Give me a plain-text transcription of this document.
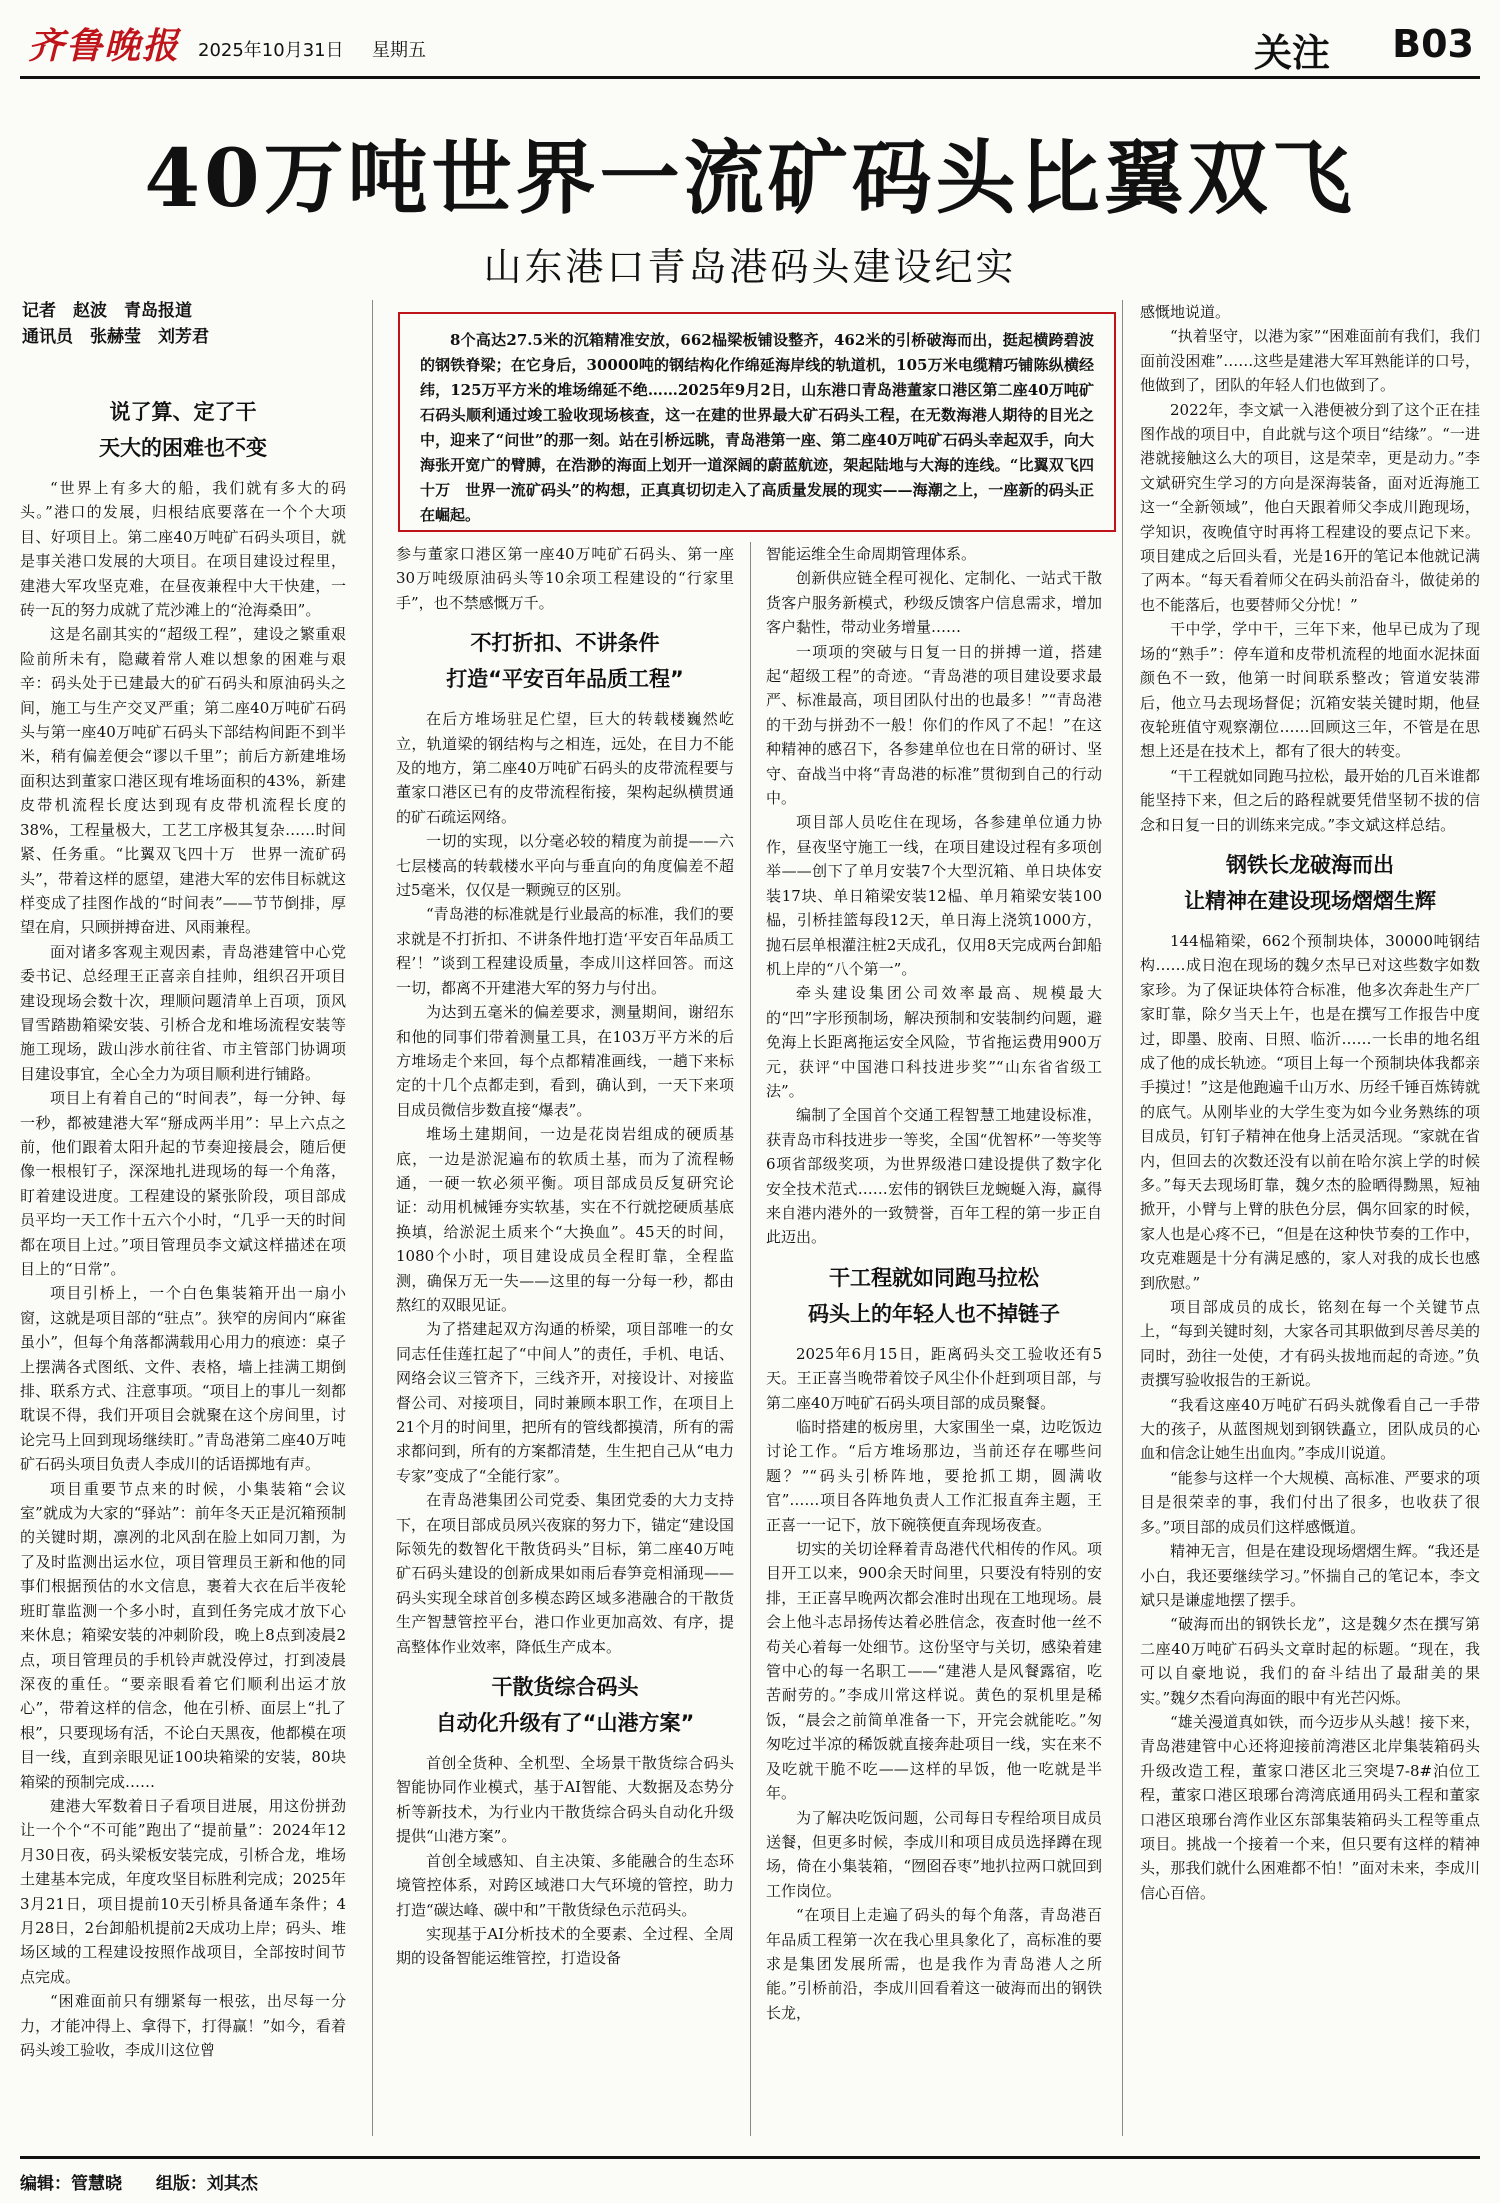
齐鲁晚报 2025年10月31日 星期五	关注 B03
40万吨世界一流矿码头比翼双飞
山东港口青岛港码头建设纪实
记者　赵波　青岛报道
通讯员　张赫莹　刘芳君	8个高达27.5米的沉箱精准安放，662榀梁板铺设整齐，462米的引桥破海而出，挺起横跨碧波的钢铁脊梁；在它身后，30000吨的钢结构化作绵延海岸线的轨道机，105万米电缆精巧铺陈纵横经纬，125万平方米的堆场绵延不绝……2025年9月2日，山东港口青岛港董家口港区第二座40万吨矿石码头顺利通过竣工验收现场核查，这一在建的世界最大矿石码头工程，在无数海港人期待的目光之中，迎来了“问世”的那一刻。站在引桥远眺，青岛港第一座、第二座40万吨矿石码头幸起双手，向大海张开宽广的臂膊，在浩渺的海面上划开一道深阔的蔚蓝航迹，架起陆地与大海的连线。“比翼双飞四十万　世界一流矿码头”的构想，正真真切切走入了高质量发展的现实——海潮之上，一座新的码头正在崛起。

说了算、定了干
天大的困难也不变

“世界上有多大的船，我们就有多大的码头。”港口的发展，归根结底要落在一个个大项目、好项目上。第二座40万吨矿石码头项目，就是事关港口发展的大项目。在项目建设过程里，建港大军攻坚克难，在昼夜兼程中大干快建，一砖一瓦的努力成就了荒沙滩上的“沧海桑田”。

这是名副其实的“超级工程”，建设之繁重艰险前所未有，隐藏着常人难以想象的困难与艰辛：码头处于已建最大的矿石码头和原油码头之间，施工与生产交叉严重；第二座40万吨矿石码头与第一座40万吨矿石码头下部结构间距不到半米，稍有偏差便会“谬以千里”；前后方新建堆场面积达到董家口港区现有堆场面积的43%，新建皮带机流程长度达到现有皮带机流程长度的38%，工程量极大，工艺工序极其复杂……时间紧、任务重。“比翼双飞四十万　世界一流矿码头”，带着这样的愿望，建港大军的宏伟目标就这样变成了挂图作战的“时间表”——节节倒排，厚望在肩，只顾拼搏奋进、风雨兼程。

面对诸多客观主观因素，青岛港建管中心党委书记、总经理王正喜亲自挂帅，组织召开项目建设现场会数十次，理顺问题清单上百项，顶风冒雪踏勘箱梁安装、引桥合龙和堆场流程安装等施工现场，跋山涉水前往省、市主管部门协调项目建设事宜，全心全力为项目顺利进行铺路。

项目上有着自己的“时间表”，每一分钟、每一秒，都被建港大军“掰成两半用”：早上六点之前，他们跟着太阳升起的节奏迎接晨会，随后便像一根根钉子，深深地扎进现场的每一个角落，盯着建设进度。工程建设的紧张阶段，项目部成员平均一天工作十五六个小时，“几乎一天的时间都在项目上过。”项目管理员李文斌这样描述在项目上的“日常”。

项目引桥上，一个白色集装箱开出一扇小窗，这就是项目部的“驻点”。狭窄的房间内“麻雀虽小”，但每个角落都满载用心用力的痕迹：桌子上摆满各式图纸、文件、表格，墙上挂满工期倒排、联系方式、注意事项。“项目上的事儿一刻都耽误不得，我们开项目会就聚在这个房间里，讨论完马上回到现场继续盯。”青岛港第二座40万吨矿石码头项目负责人李成川的话语掷地有声。

项目重要节点来的时候，小集装箱“会议室”就成为大家的“驿站”：前年冬天正是沉箱预制的关键时期，凛冽的北风刮在脸上如同刀割，为了及时监测出运水位，项目管理员王新和他的同事们根据预估的水文信息，裹着大衣在后半夜轮班盯靠监测一个多小时，直到任务完成才放下心来休息；箱梁安装的冲刺阶段，晚上8点到凌晨2点，项目管理员的手机铃声就没停过，打到凌晨深夜的重任。“要亲眼看着它们顺利出运才放心”，带着这样的信念，他在引桥、面层上“扎了根”，只要现场有活，不论白天黑夜，他都模在项目一线，直到亲眼见证100块箱梁的安装，80块箱梁的预制完成……

建港大军数着日子看项目进展，用这份拼劲让一个个“不可能”跑出了“提前量”：2024年12月30日夜，码头梁板安装完成，引桥合龙，堆场土建基本完成，年度攻坚目标胜利完成；2025年3月21日，项目提前10天引桥具备通车条件；4月28日，2台卸船机提前2天成功上岸；码头、堆场区域的工程建设按照作战项目，全部按时间节点完成。

“困难面前只有绷紧每一根弦，出尽每一分力，才能冲得上、拿得下，打得赢！”如今，看着码头竣工验收，李成川这位曾

参与董家口港区第一座40万吨矿石码头、第一座30万吨级原油码头等10余项工程建设的“行家里手”，也不禁感慨万千。

不打折扣、不讲条件
打造“平安百年品质工程”

在后方堆场驻足伫望，巨大的转载楼巍然屹立，轨道梁的钢结构与之相连，远处，在目力不能及的地方，第二座40万吨矿石码头的皮带流程要与董家口港区已有的皮带流程衔接，架构起纵横贯通的矿石疏运网络。

一切的实现，以分毫必较的精度为前提——六七层楼高的转载楼水平向与垂直向的角度偏差不超过5毫米，仅仅是一颗豌豆的区别。

“青岛港的标准就是行业最高的标准，我们的要求就是不打折扣、不讲条件地打造‘平安百年品质工程’！”谈到工程建设质量，李成川这样回答。而这一切，都离不开建港大军的努力与付出。

为达到五毫米的偏差要求，测量期间，谢绍东和他的同事们带着测量工具，在103万平方米的后方堆场走个来回，每个点都精准画线，一趟下来标定的十几个点都走到，看到，确认到，一天下来项目成员微信步数直接“爆表”。

堆场土建期间，一边是花岗岩组成的硬质基底，一边是淤泥遍布的软质土基，而为了流程畅通，一硬一软必须平衡。项目部成员反复研究论证：动用机械锤夯实软基，实在不行就挖硬质基底换填，给淤泥土质来个“大换血”。45天的时间，1080个小时，项目建设成员全程盯靠，全程监测，确保万无一失——这里的每一分每一秒，都由熬红的双眼见证。

为了搭建起双方沟通的桥梁，项目部唯一的女同志任佳莲扛起了“中间人”的责任，手机、电话、网络会议三管齐下，三线齐开，对接设计、对接监督公司、对接项目，同时兼顾本职工作，在项目上21个月的时间里，把所有的管线都摸清，所有的需求都问到，所有的方案都清楚，生生把自己从“电力专家”变成了“全能行家”。

在青岛港集团公司党委、集团党委的大力支持下，在项目部成员夙兴夜寐的努力下，锚定“建设国际领先的数智化干散货码头”目标，第二座40万吨矿石码头建设的创新成果如雨后春笋竞相涌现——码头实现全球首创多模态跨区域多港融合的干散货生产智慧管控平台，港口作业更加高效、有序，提高整体作业效率，降低生产成本。

干散货综合码头
自动化升级有了“山港方案”

首创全货种、全机型、全场景干散货综合码头智能协同作业模式，基于AI智能、大数据及态势分析等新技术，为行业内干散货综合码头自动化升级提供“山港方案”。

首创全域感知、自主决策、多能融合的生态环境管控体系，对跨区域港口大气环境的管控，助力打造“碳达峰、碳中和”干散货绿色示范码头。

实现基于AI分析技术的全要素、全过程、全周期的设备智能运维管控，打造设备

智能运维全生命周期管理体系。

创新供应链全程可视化、定制化、一站式干散货客户服务新模式，秒级反馈客户信息需求，增加客户黏性，带动业务增量……

一项项的突破与日复一日的拼搏一道，搭建起“超级工程”的奇迹。“青岛港的项目建设要求最严、标准最高，项目团队付出的也最多！”“青岛港的干劲与拼劲不一般！你们的作风了不起！”在这种精神的感召下，各参建单位也在日常的研讨、坚守、奋战当中将“青岛港的标准”贯彻到自己的行动中。

项目部人员吃住在现场，各参建单位通力协作，昼夜坚守施工一线，在项目建设过程有多项创举——创下了单月安装7个大型沉箱、单日块体安装17块、单日箱梁安装12榀、单月箱梁安装100榀，引桥挂篮每段12天，单日海上浇筑1000方，抛石层单根灌注桩2天成孔，仅用8天完成两台卸船机上岸的“八个第一”。

牵头建设集团公司效率最高、规模最大的“凹”字形预制场，解决预制和安装制约问题，避免海上长距离拖运安全风险，节省拖运费用900万元，获评“中国港口科技进步奖”“山东省省级工法”。

编制了全国首个交通工程智慧工地建设标准，获青岛市科技进步一等奖，全国“优智杯”一等奖等6项省部级奖项，为世界级港口建设提供了数字化安全技术范式……宏伟的钢铁巨龙蜿蜒入海，赢得来自港内港外的一致赞誉，百年工程的第一步正自此迈出。

干工程就如同跑马拉松
码头上的年轻人也不掉链子

2025年6月15日，距离码头交工验收还有5天。王正喜当晚带着饺子风尘仆仆赶到项目部，与第二座40万吨矿石码头项目部的成员聚餐。

临时搭建的板房里，大家围坐一桌，边吃饭边讨论工作。“后方堆场那边，当前还存在哪些问题？”“码头引桥阵地，要抢抓工期，圆满收官”……项目各阵地负责人工作汇报直奔主题，王正喜一一记下，放下碗筷便直奔现场夜查。

切实的关切诠释着青岛港代代相传的作风。项目开工以来，900余天时间里，只要没有特别的安排，王正喜早晚两次都会准时出现在工地现场。晨会上他斗志昂扬传达着必胜信念，夜查时他一丝不苟关心着每一处细节。这份坚守与关切，感染着建管中心的每一名职工——“建港人是风餐露宿，吃苦耐劳的。”李成川常这样说。黄色的泵机里是稀饭，“晨会之前简单准备一下，开完会就能吃。”匆匆吃过半凉的稀饭就直接奔赴项目一线，实在来不及吃就干脆不吃——这样的早饭，他一吃就是半年。

为了解决吃饭问题，公司每日专程给项目成员送餐，但更多时候，李成川和项目成员选择蹲在现场，倚在小集装箱，“囫囵吞枣”地扒拉两口就回到工作岗位。

“在项目上走遍了码头的每个角落，青岛港百年品质工程第一次在我心里具象化了，高标准的要求是集团发展所需，也是我作为青岛港人之所能。”引桥前沿，李成川回看着这一破海而出的钢铁长龙，

感慨地说道。

“执着坚守，以港为家”“困难面前有我们，我们面前没困难”……这些是建港大军耳熟能详的口号，他做到了，团队的年轻人们也做到了。

2022年，李文斌一入港便被分到了这个正在挂图作战的项目中，自此就与这个项目“结缘”。“一进港就接触这么大的项目，这是荣幸，更是动力。”李文斌研究生学习的方向是深海装备，面对近海施工这一“全新领域”，他白天跟着师父李成川跑现场，学知识，夜晚值守时再将工程建设的要点记下来。项目建成之后回头看，光是16开的笔记本他就记满了两本。“每天看着师父在码头前沿奋斗，做徒弟的也不能落后，也要替师父分忧！”

干中学，学中干，三年下来，他早已成为了现场的“熟手”：停车道和皮带机流程的地面水泥抹面颜色不一致，他第一时间联系整改；管道安装滞后，他立马去现场督促；沉箱安装关键时期，他昼夜轮班值守观察潮位……回顾这三年，不管是在思想上还是在技术上，都有了很大的转变。

“干工程就如同跑马拉松，最开始的几百米谁都能坚持下来，但之后的路程就要凭借坚韧不拔的信念和日复一日的训练来完成。”李文斌这样总结。

钢铁长龙破海而出
让精神在建设现场熠熠生辉

144榀箱梁，662个预制块体，30000吨钢结构……成日泡在现场的魏夕杰早已对这些数字如数家珍。为了保证块体符合标准，他多次奔赴生产厂家盯靠，除夕当天上午，也是在撰写工作报告中度过，即墨、胶南、日照、临沂……一长串的地名组成了他的成长轨迹。“项目上每一个预制块体我都亲手摸过！”这是他跑遍千山万水、历经千锤百炼铸就的底气。从刚毕业的大学生变为如今业务熟练的项目成员，钉钉子精神在他身上活灵活现。“家就在省内，但回去的次数还没有以前在哈尔滨上学的时候多。”每天去现场盯靠，魏夕杰的脸晒得黝黑，短袖掀开，小臂与上臂的肤色分层，偶尔回家的时候，家人也是心疼不已，“但是在这种快节奏的工作中，攻克难题是十分有满足感的，家人对我的成长也感到欣慰。”

项目部成员的成长，铭刻在每一个关键节点上，“每到关键时刻，大家各司其职做到尽善尽美的同时，劲往一处使，才有码头拔地而起的奇迹。”负责撰写验收报告的王新说。

“我看这座40万吨矿石码头就像看自己一手带大的孩子，从蓝图规划到钢铁矗立，团队成员的心血和信念让她生出血肉。”李成川说道。

“能参与这样一个大规模、高标准、严要求的项目是很荣幸的事，我们付出了很多，也收获了很多。”项目部的成员们这样感慨道。

精神无言，但是在建设现场熠熠生辉。“我还是小白，我还要继续学习。”怀揣自己的笔记本，李文斌只是谦虚地摆了摆手。

“破海而出的钢铁长龙”，这是魏夕杰在撰写第二座40万吨矿石码头文章时起的标题。“现在，我可以自豪地说，我们的奋斗结出了最甜美的果实。”魏夕杰看向海面的眼中有光芒闪烁。

“雄关漫道真如铁，而今迈步从头越！接下来，青岛港建管中心还将迎接前湾港区北岸集装箱码头升级改造工程，董家口港区北三突堤7-8#泊位工程，董家口港区琅琊台湾湾底通用码头工程和董家口港区琅琊台湾作业区东部集装箱码头工程等重点项目。挑战一个接着一个来，但只要有这样的精神头，那我们就什么困难都不怕！”面对未来，李成川信心百倍。

编辑：管慧晓 组版：刘其杰
